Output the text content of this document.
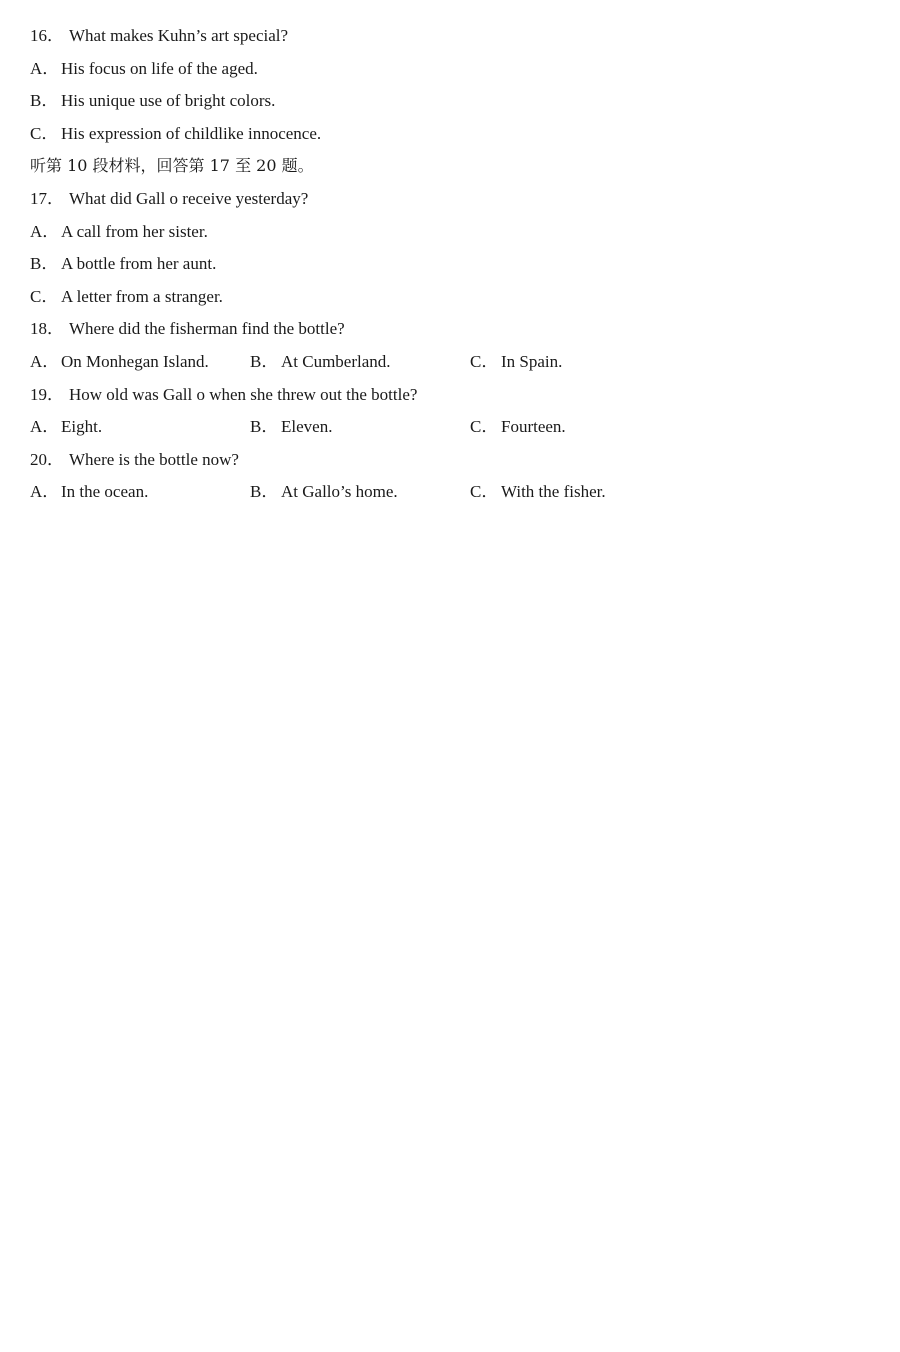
16． What makes Kuhn’s art special?
A． His focus on life of the aged.
B． His unique use of bright colors.
C． His expression of childlike innocence.
听第 10 段材料，回答第 17 至 20 题。
17． What did Gall o receive yesterday?
A． A call from her sister.
B． A bottle from her aunt.
C． A letter from a stranger.
18． Where did the fisherman find the bottle?
A． On Monhegan Island. B． At Cumberland.	C． In Spain.
19． How old was Gall o when she threw out the bottle?
A． Eight.	B． Eleven.	C． Fourteen.
20． Where is the bottle now?
A． In the ocean.	B． At Gallo’s home.	C． With the fisher.
